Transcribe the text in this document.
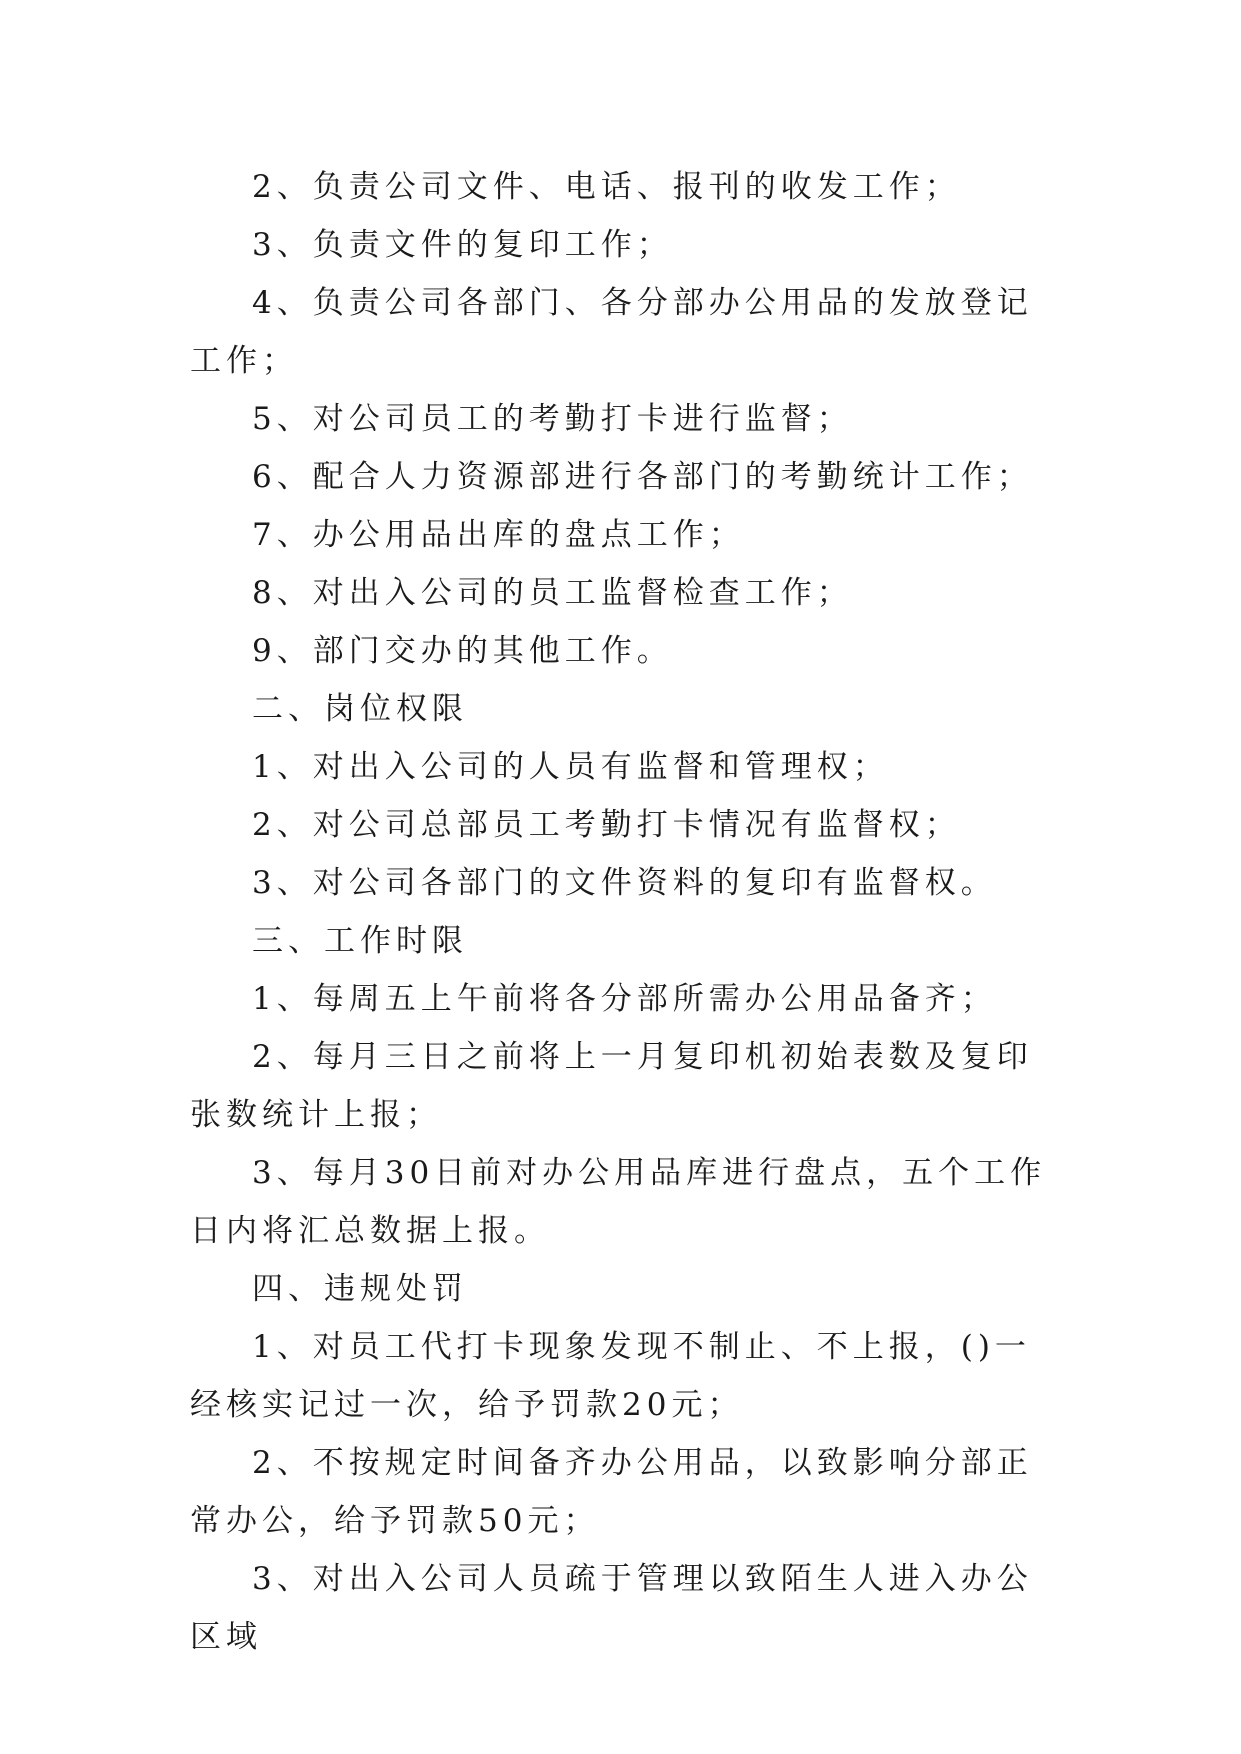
2、负责公司文件、电话、报刊的收发工作；

3、负责文件的复印工作；

4、负责公司各部门、各分部办公用品的发放登记工作；

5、对公司员工的考勤打卡进行监督；

6、配合人力资源部进行各部门的考勤统计工作；

7、办公用品出库的盘点工作；

8、对出入公司的员工监督检查工作；

9、部门交办的其他工作。

二、岗位权限

1、对出入公司的人员有监督和管理权；

2、对公司总部员工考勤打卡情况有监督权；

3、对公司各部门的文件资料的复印有监督权。

三、工作时限

1、每周五上午前将各分部所需办公用品备齐；

2、每月三日之前将上一月复印机初始表数及复印张数统计上报；

3、每月30日前对办公用品库进行盘点，五个工作日内将汇总数据上报。

四、违规处罚

1、对员工代打卡现象发现不制止、不上报，()一经核实记过一次，给予罚款20元；

2、不按规定时间备齐办公用品，以致影响分部正常办公，给予罚款50元；

3、对出入公司人员疏于管理以致陌生人进入办公区域
